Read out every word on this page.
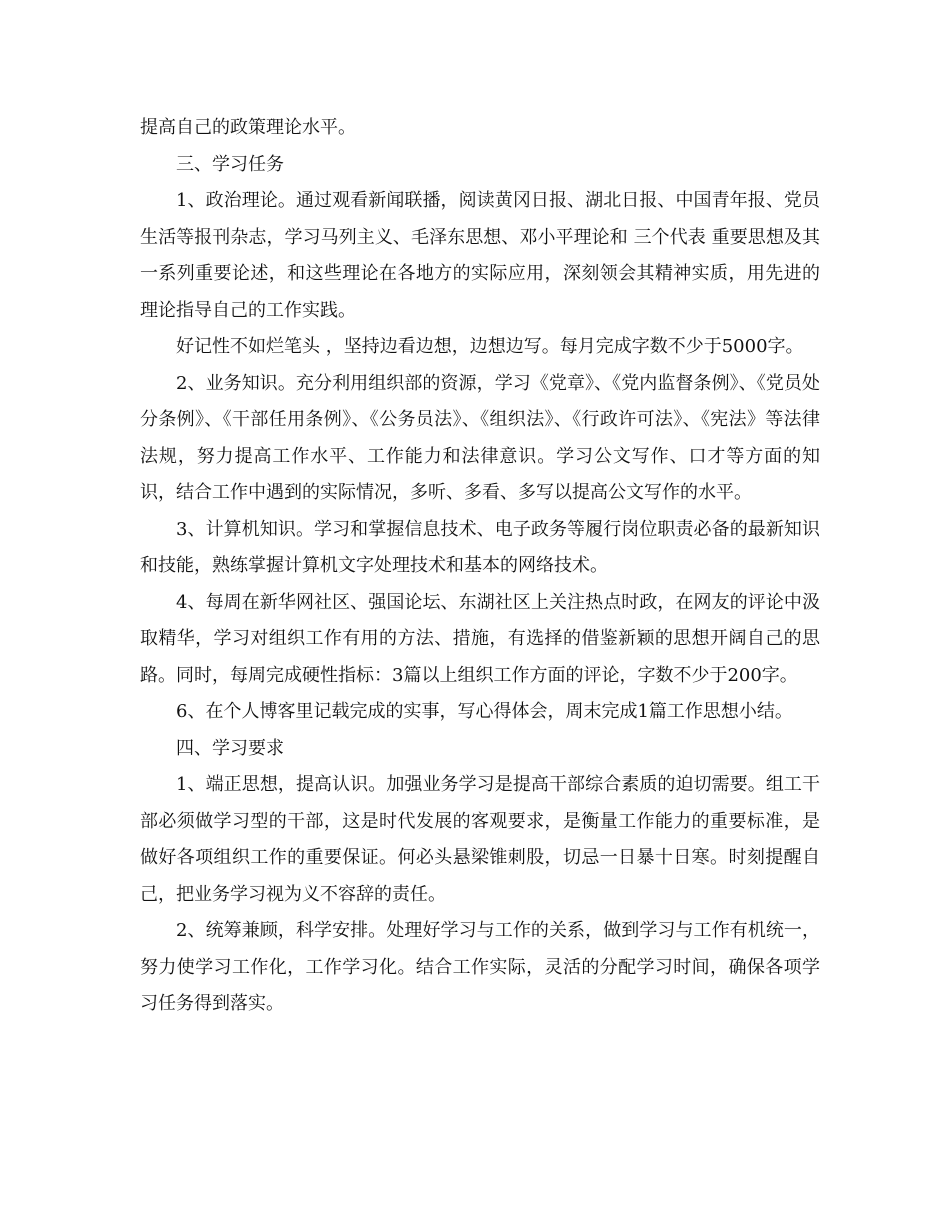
提高自己的政策理论水平。

三、学习任务

1、政治理论。通过观看新闻联播，阅读黄冈日报、湖北日报、中国青年报、党员生活等报刊杂志，学习马列主义、毛泽东思想、邓小平理论和 三个代表 重要思想及其一系列重要论述，和这些理论在各地方的实际应用，深刻领会其精神实质，用先进的理论指导自己的工作实践。

好记性不如烂笔头 ，坚持边看边想，边想边写。每月完成字数不少于5000字。

2、业务知识。充分利用组织部的资源，学习《党章》、《党内监督条例》、《党员处分条例》、《干部任用条例》、《公务员法》、《组织法》、《行政许可法》、《宪法》等法律法规，努力提高工作水平、工作能力和法律意识。学习公文写作、口才等方面的知识，结合工作中遇到的实际情况，多听、多看、多写以提高公文写作的水平。

3、计算机知识。学习和掌握信息技术、电子政务等履行岗位职责必备的最新知识和技能，熟练掌握计算机文字处理技术和基本的网络技术。

4、每周在新华网社区、强国论坛、东湖社区上关注热点时政，在网友的评论中汲取精华，学习对组织工作有用的方法、措施，有选择的借鉴新颖的思想开阔自己的思路。同时，每周完成硬性指标：3篇以上组织工作方面的评论，字数不少于200字。

6、在个人博客里记载完成的实事，写心得体会，周末完成1篇工作思想小结。

四、学习要求

1、端正思想，提高认识。加强业务学习是提高干部综合素质的迫切需要。组工干部必须做学习型的干部，这是时代发展的客观要求，是衡量工作能力的重要标准，是做好各项组织工作的重要保证。何必头悬梁锥刺股，切忌一日暴十日寒。时刻提醒自己，把业务学习视为义不容辞的责任。

2、统筹兼顾，科学安排。处理好学习与工作的关系，做到学习与工作有机统一，努力使学习工作化，工作学习化。结合工作实际，灵活的分配学习时间，确保各项学习任务得到落实。
